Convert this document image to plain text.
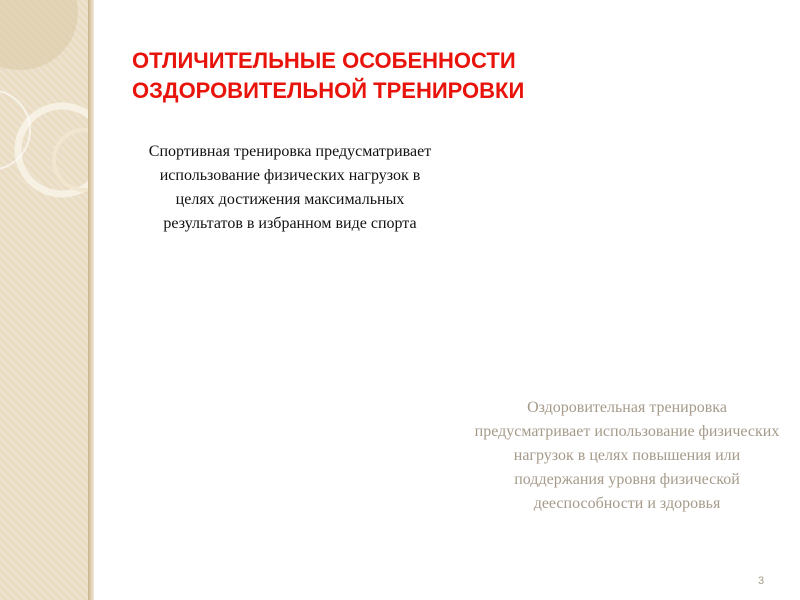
ОТЛИЧИТЕЛЬНЫЕ ОСОБЕННОСТИ
ОЗДОРОВИТЕЛЬНОЙ ТРЕНИРОВКИ
Спортивная тренировка предусматривает использование физических нагрузок в целях достижения максимальных результатов в избранном виде спорта
Оздоровительная тренировка предусматривает использование физических нагрузок в целях повышения или поддержания уровня физической дееспособности и здоровья
3
